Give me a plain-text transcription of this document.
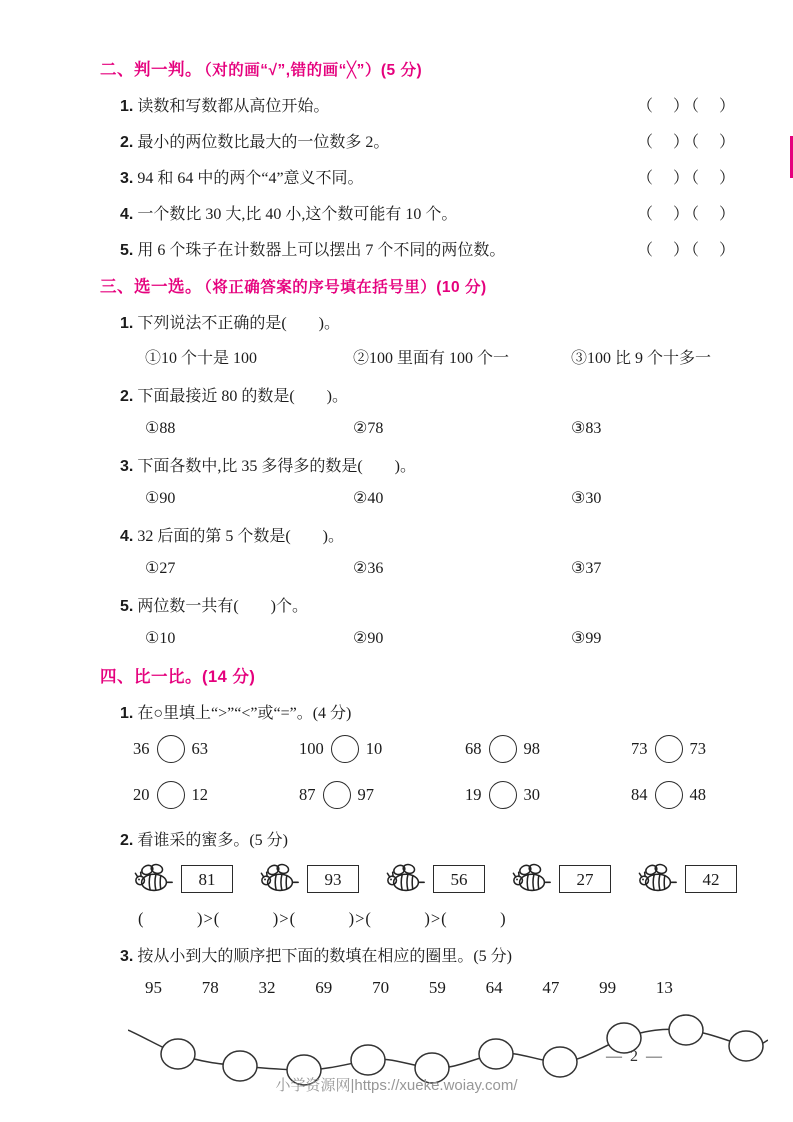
二、判一判。 （对的画“√”,错的画“╳”）(5 分)
1. 读数和写数都从高位开始。	（　）（　）
2. 最小的两位数比最大的一位数多 2。	（　）（　）
3. 94 和 64 中的两个“4”意义不同。	（　）（　）
4. 一个数比 30 大,比 40 小,这个数可能有 10 个。	（　）（　）
5. 用 6 个珠子在计数器上可以摆出 7 个不同的两位数。	（　）（　）
三、选一选。 （将正确答案的序号填在括号里）(10 分)
1. 下列说法不正确的是(　　)。
①10 个十是 100	②100 里面有 100 个一	③100 比 9 个十多一
2. 下面最接近 80 的数是(　　)。
①88	②78	③83
3. 下面各数中,比 35 多得多的数是(　　)。
①90	②40	③30
4. 32 后面的第 5 个数是(　　)。
①27	②36	③37
5. 两位数一共有(　　)个。
①10	②90	③99
四、比一比。(14 分)
1. 在○里填上“>”“<”或“=”。(4 分)
36	63	100	10	68	98	73	73
20	12	87	97	19	30	84	48
2. 看谁采的蜜多。(5 分)
81	93	56	27	42
(　　　)>(　　　)>(　　　)>(　　　)>(　　　)
3. 按从小到大的顺序把下面的数填在相应的圈里。(5 分)
95 78 32 69 70 59 64 47 99 13
— 2 —
小学资源网|https://xueke.woiay.com/
